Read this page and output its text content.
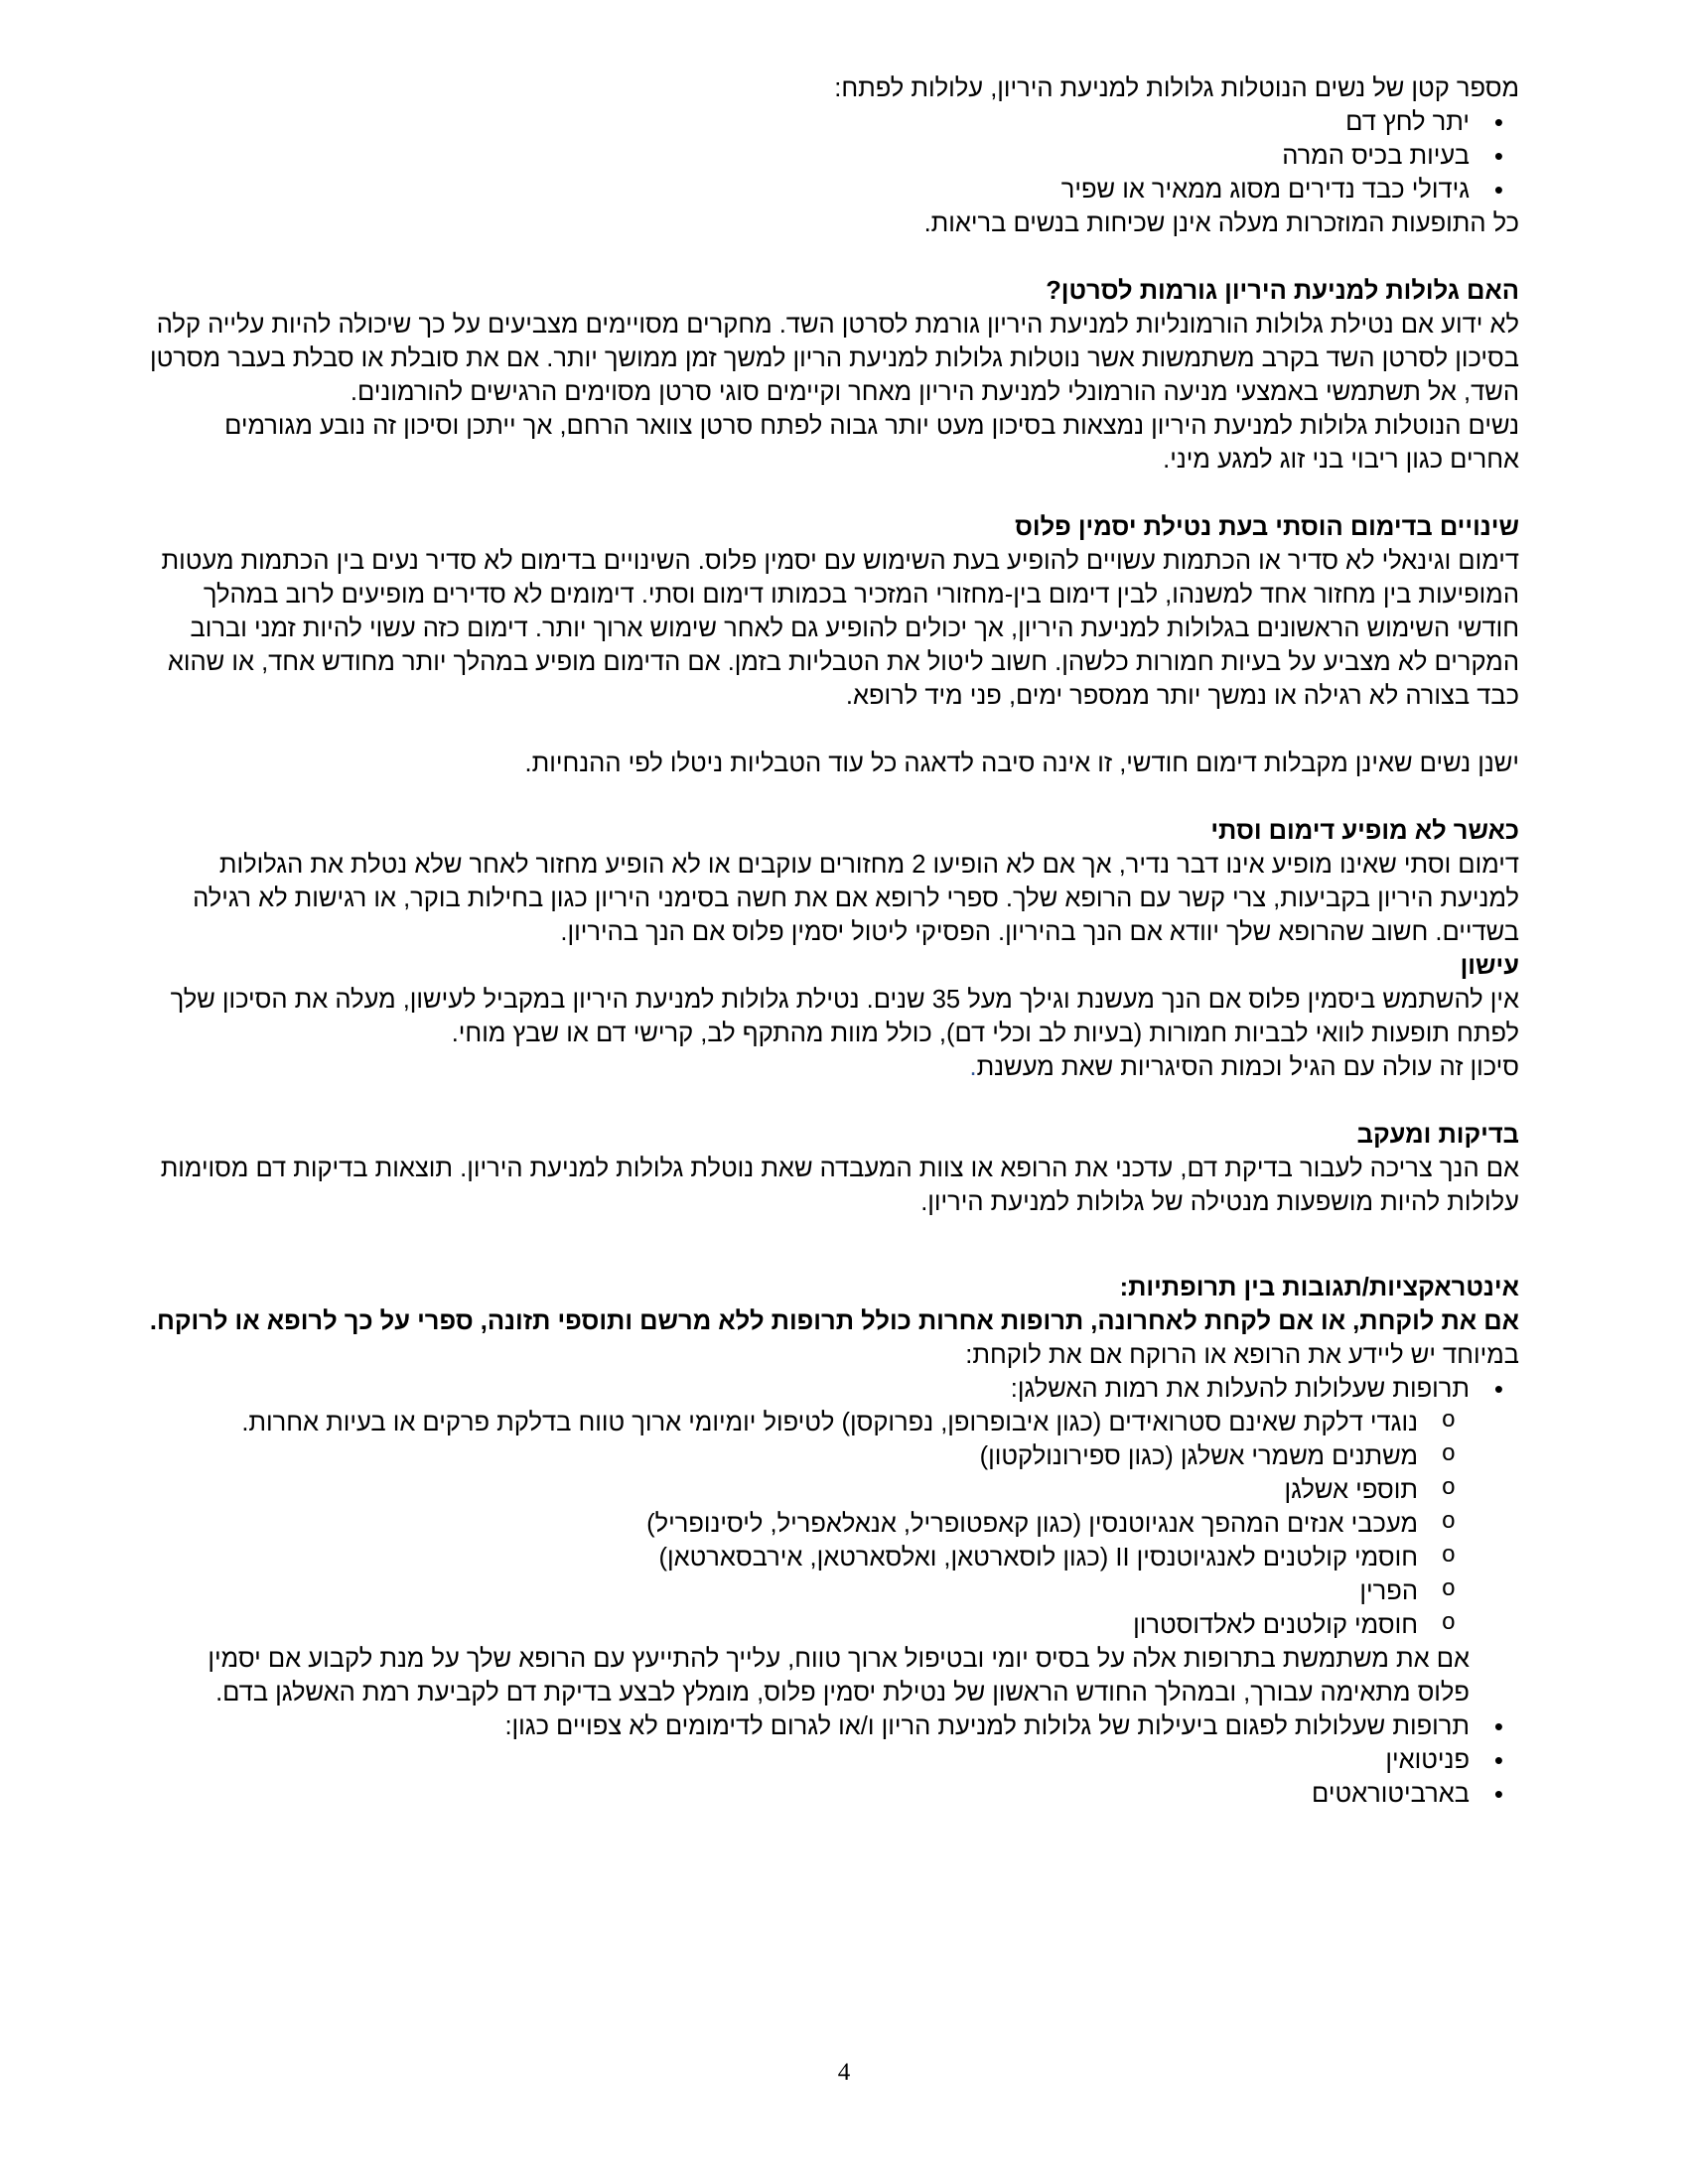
מספר קטן של נשים הנוטלות גלולות למניעת היריון, עלולות לפתח:

• יתר לחץ דם
• בעיות בכיס המרה
• גידולי כבד נדירים מסוג ממאיר או שפיר

כל התופעות המוזכרות מעלה אינן שכיחות בנשים בריאות.

האם גלולות למניעת היריון גורמות לסרטן?

לא ידוע אם נטילת גלולות הורמונליות למניעת היריון גורמת לסרטן השד. מחקרים מסויימים מצביעים על כך שיכולה להיות עלייה קלה בסיכון לסרטן השד בקרב משתמשות אשר נוטלות גלולות למניעת הריון למשך זמן ממושך יותר. אם את סובלת או סבלת בעבר מסרטן השד, אל תשתמשי באמצעי מניעה הורמונלי למניעת היריון מאחר וקיימים סוגי סרטן מסוימים הרגישים להורמונים.

נשים הנוטלות גלולות למניעת היריון נמצאות בסיכון מעט יותר גבוה לפתח סרטן צוואר הרחם, אך ייתכן וסיכון זה נובע מגורמים אחרים כגון ריבוי בני זוג למגע מיני.

שינויים בדימום הוסתי בעת נטילת יסמין פלוס

דימום וגינאלי לא סדיר או הכתמות עשויים להופיע בעת השימוש עם יסמין פלוס. השינויים בדימום לא סדיר נעים בין הכתמות מעטות המופיעות בין מחזור אחד למשנהו, לבין דימום בין-מחזורי המזכיר בכמותו דימום וסתי. דימומים לא סדירים מופיעים לרוב במהלך חודשי השימוש הראשונים בגלולות למניעת היריון, אך יכולים להופיע גם לאחר שימוש ארוך יותר. דימום כזה עשוי להיות זמני וברוב המקרים לא מצביע על בעיות חמורות כלשהן. חשוב ליטול את הטבליות בזמן. אם הדימום מופיע במהלך יותר מחודש אחד, או שהוא כבד בצורה לא רגילה או נמשך יותר ממספר ימים, פני מיד לרופא.

ישנן נשים שאינן מקבלות דימום חודשי, זו אינה סיבה לדאגה כל עוד הטבליות ניטלו לפי ההנחיות.

כאשר לא מופיע דימום וסתי

דימום וסתי שאינו מופיע אינו דבר נדיר, אך אם לא הופיעו 2 מחזורים עוקבים או לא הופיע מחזור לאחר שלא נטלת את הגלולות למניעת היריון בקביעות, צרי קשר עם הרופא שלך. ספרי לרופא אם את חשה בסימני היריון כגון בחילות בוקר, או רגישות לא רגילה בשדיים. חשוב שהרופא שלך יוודא אם הנך בהיריון. הפסיקי ליטול יסמין פלוס אם הנך בהיריון.

עישון

אין להשתמש ביסמין פלוס אם הנך מעשנת וגילך מעל 35 שנים. נטילת גלולות למניעת היריון במקביל לעישון, מעלה את הסיכון שלך לפתח תופעות לוואי לבביות חמורות (בעיות לב וכלי דם), כולל מוות מהתקף לב, קרישי דם או שבץ מוחי.

סיכון זה עולה עם הגיל וכמות הסיגריות שאת מעשנת.

בדיקות ומעקב

אם הנך צריכה לעבור בדיקת דם, עדכני את הרופא או צוות המעבדה שאת נוטלת גלולות למניעת היריון. תוצאות בדיקות דם מסוימות עלולות להיות מושפעות מנטילה של גלולות למניעת היריון.

אינטראקציות/תגובות בין תרופתיות:

אם את לוקחת, או אם לקחת לאחרונה, תרופות אחרות כולל תרופות ללא מרשם ותוספי תזונה, ספרי על כך לרופא או לרוקח. במיוחד יש ליידע את הרופא או הרוקח אם את לוקחת:

• תרופות שעלולות להעלות את רמות האשלגן:
o נוגדי דלקת שאינם סטרואידים (כגון איבופרופן, נפרוקסן) לטיפול יומיומי ארוך טווח בדלקת פרקים או בעיות אחרות.
o משתנים משמרי אשלגן (כגון ספירונולקטון)
o תוספי אשלגן
o מעכבי אנזים המהפך אנגיוטנסין (כגון קאפטופריל, אנאלאפריל, ליסינופריל)
o חוסמי קולטנים לאנגיוטנסין II (כגון לוסארטאן, ואלסארטאן, אירבסארטאן)
o הפרין
o חוסמי קולטנים לאלדוסטרון

אם את משתמשת בתרופות אלה על בסיס יומי ובטיפול ארוך טווח, עלייך להתייעץ עם הרופא שלך על מנת לקבוע אם יסמין פלוס מתאימה עבורך, ובמהלך החודש הראשון של נטילת יסמין פלוס, מומלץ לבצע בדיקת דם לקביעת רמת האשלגן בדם.

• תרופות שעלולות לפגום ביעילות של גלולות למניעת הריון ו/או לגרום לדימומים לא צפויים כגון:
• פניטואין
• בארביטוראטים
4
